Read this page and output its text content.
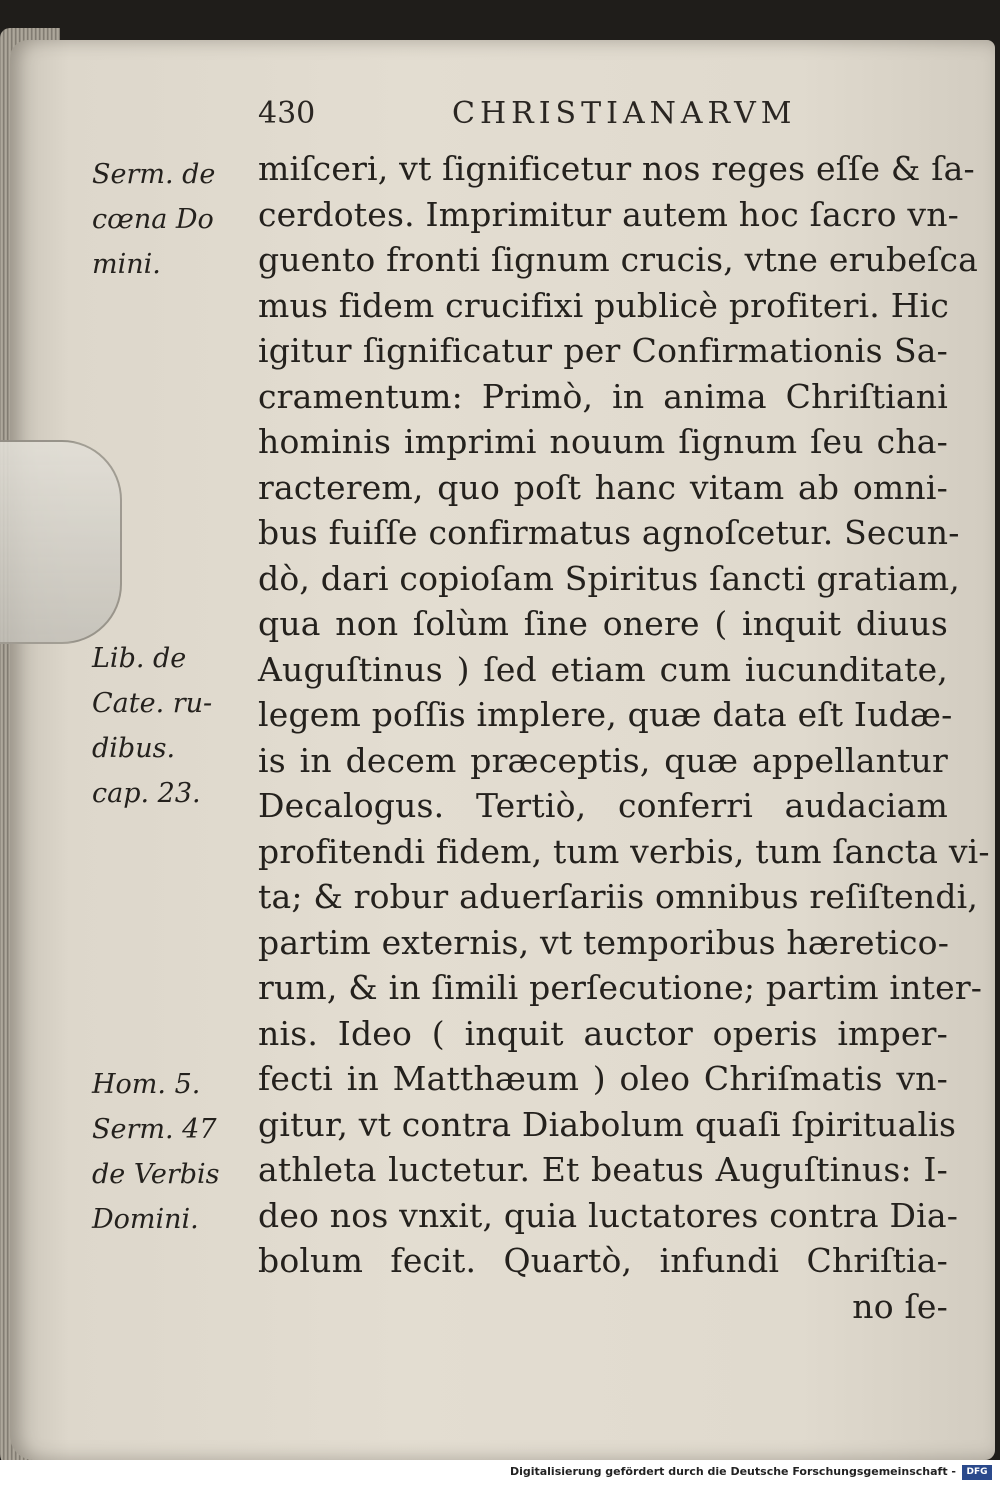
430	CHRISTIANARVM
Serm. de
cœna Do
mini.
Lib. de
Cate. ru-
dibus.
cap. 23.
Hom. 5.
Serm. 47
de Verbis
Domini.
miſceri, vt ſignificetur nos reges eſſe & ſa-
cerdotes. Imprimitur autem hoc ſacro vn-
guento fronti ſignum crucis, vtne erubeſca
mus fidem crucifixi publicè profiteri. Hic
igitur ſignificatur per Confirmationis Sa-
cramentum: Primò, in anima Chriſtiani
hominis imprimi nouum ſignum ſeu cha-
racterem, quo poſt hanc vitam ab omni-
bus fuiſſe confirmatus agnoſcetur. Secun-
dò, dari copioſam Spiritus ſancti gratiam,
qua non ſolùm ſine onere ( inquit diuus
Auguſtinus ) ſed etiam cum iucunditate,
legem poſſis implere, quæ data eſt Iudæ-
is in decem præceptis, quæ appellantur
Decalogus. Tertiò, conferri audaciam
profitendi fidem, tum verbis, tum ſancta vi-
ta; & robur aduerſariis omnibus reſiſtendi,
partim externis, vt temporibus hæretico-
rum, & in ſimili perſecutione; partim inter-
nis. Ideo ( inquit auctor operis imper-
fecti in Matthæum ) oleo Chriſmatis vn-
gitur, vt contra Diabolum quaſi ſpiritualis
athleta luctetur. Et beatus Auguſtinus: I-
deo nos vnxit, quia luctatores contra Dia-
bolum fecit. Quartò, infundi Chriſtia-
no ſe-
Digitalisierung gefördert durch die Deutsche Forschungsgemeinschaft -	DFG
